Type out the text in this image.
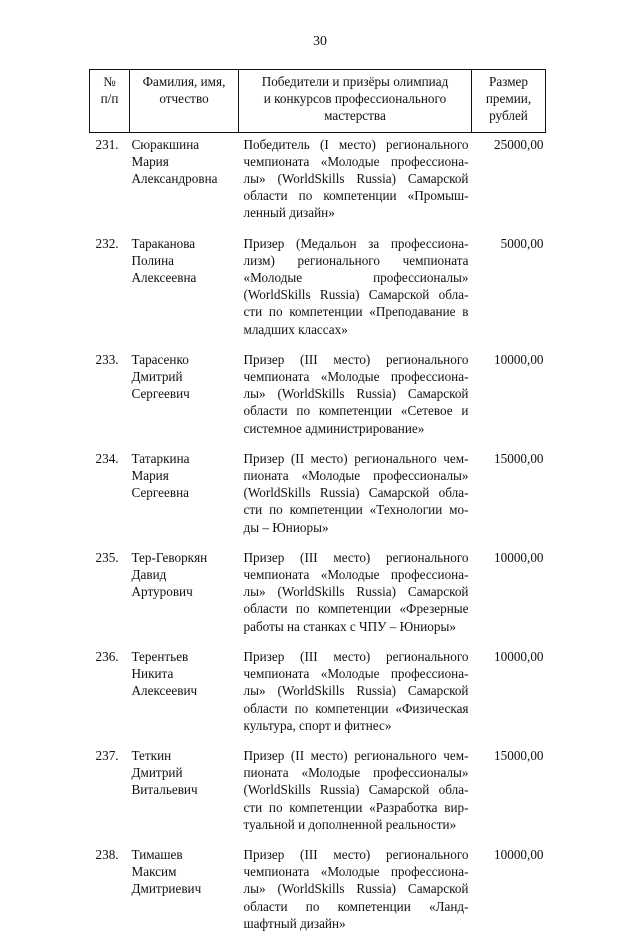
30
№
п/п	Фамилия, имя,
отчество	Победители и призёры олимпиад
и конкурсов профессионального
мастерства	Размер
премии,
рублей

231.	Сюракшина
Мария
Александровна	Победитель (I место) регионального чемпионата «Молодые профессиона-лы» (WorldSkills Russia) Самарской области по компетенции «Промыш-ленный дизайн»	25000,00
232.	Тараканова
Полина
Алексеевна	Призер (Медальон за профессиона-лизм) регионального чемпионата «Молодые профессионалы» (WorldSkills Russia) Самарской обла-сти по компетенции «Преподавание в младших классах»	5000,00
233.	Тарасенко
Дмитрий
Сергеевич	Призер (III место) регионального чемпионата «Молодые профессиона-лы» (WorldSkills Russia) Самарской области по компетенции «Сетевое и системное администрирование»	10000,00
234.	Татаркина
Мария
Сергеевна	Призер (II место) регионального чем-пионата «Молодые профессионалы» (WorldSkills Russia) Самарской обла-сти по компетенции «Технологии мо-ды – Юниоры»	15000,00
235.	Тер-Геворкян
Давид
Артурович	Призер (III место) регионального чемпионата «Молодые профессиона-лы» (WorldSkills Russia) Самарской области по компетенции «Фрезерные работы на станках с ЧПУ – Юниоры»	10000,00
236.	Терентьев
Никита
Алексеевич	Призер (III место) регионального чемпионата «Молодые профессиона-лы» (WorldSkills Russia) Самарской области по компетенции «Физическая культура, спорт и фитнес»	10000,00
237.	Теткин
Дмитрий
Витальевич	Призер (II место) регионального чем-пионата «Молодые профессионалы» (WorldSkills Russia) Самарской обла-сти по компетенции «Разработка вир-туальной и дополненной реальности»	15000,00
238.	Тимашев
Максим
Дмитриевич	Призер (III место) регионального чемпионата «Молодые профессиона-лы» (WorldSkills Russia) Самарской области по компетенции «Ланд-шафтный дизайн»	10000,00
